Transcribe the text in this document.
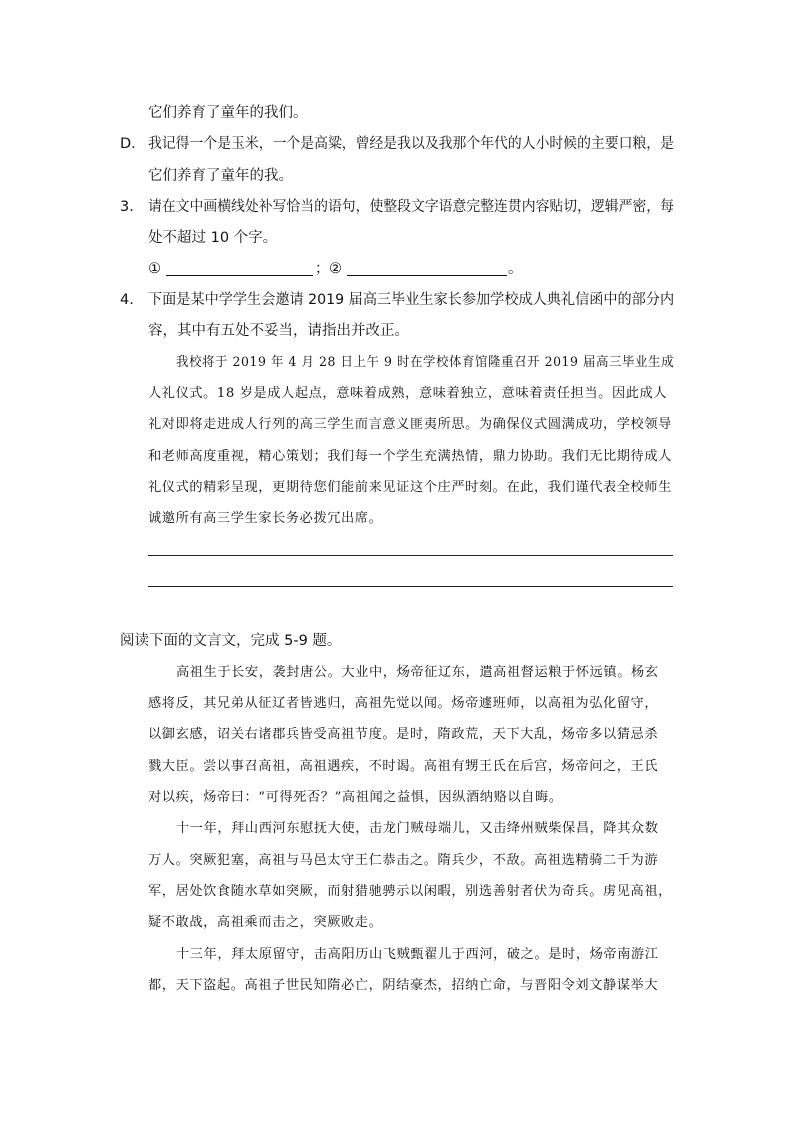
它们养育了童年的我们。
D． 我记得一个是玉米，一个是高粱，曾经是我以及我那个年代的人小时候的主要口粮，是
它们养育了童年的我。
3． 请在文中画横线处补写恰当的语句，使整段文字语意完整连贯内容贴切，逻辑严密，每
处不超过 10 个字。
①	； ②	。
4. 下面是某中学学生会邀请 2019 届高三毕业生家长参加学校成人典礼信函中的部分内
容，其中有五处不妥当，请指出并改正。
我校将于 2019 年 4 月 28 日上午 9 时在学校体育馆隆重召开 2019 届高三毕业生成
人礼仪式。18 岁是成人起点，意味着成熟，意味着独立，意味着责任担当。因此成人
礼对即将走进成人行列的高三学生而言意义匪夷所思。为确保仪式圆满成功，学校领导
和老师高度重视，精心策划；我们每一个学生充满热情，鼎力协助。我们无比期待成人
礼仪式的精彩呈现，更期待您们能前来见证这个庄严时刻。在此，我们谨代表全校师生
诚邀所有高三学生家长务必拨冗出席。
阅读下面的文言文，完成 5-9 题。
高祖生于长安，袭封唐公。大业中，炀帝征辽东，遣高祖督运粮于怀远镇。杨玄
感将反，其兄弟从征辽者皆逃归，高祖先觉以闻。炀帝遽班师，以高祖为弘化留守，
以御玄感，诏关右诸郡兵皆受高祖节度。是时，隋政荒，天下大乱，炀帝多以猜忌杀
戮大臣。尝以事召高祖，高祖遇疾，不时谒。高祖有甥王氏在后宫，炀帝问之，王氏
对以疾，炀帝曰：“可得死否？”高祖闻之益惧，因纵酒纳赂以自晦。
十一年，拜山西河东慰抚大使，击龙门贼母端儿，又击绛州贼柴保昌，降其众数
万人。突厥犯塞，高祖与马邑太守王仁恭击之。隋兵少，不敌。高祖选精骑二千为游
军，居处饮食随水草如突厥，而射猎驰骋示以闲暇，别选善射者伏为奇兵。虏见高祖，
疑不敢战，高祖乘而击之，突厥败走。
十三年，拜太原留守，击高阳历山飞贼甄翟儿于西河，破之。是时，炀帝南游江
都，天下盗起。高祖子世民知隋必亡，阴结豪杰，招纳亡命，与晋阳令刘文静谋举大
